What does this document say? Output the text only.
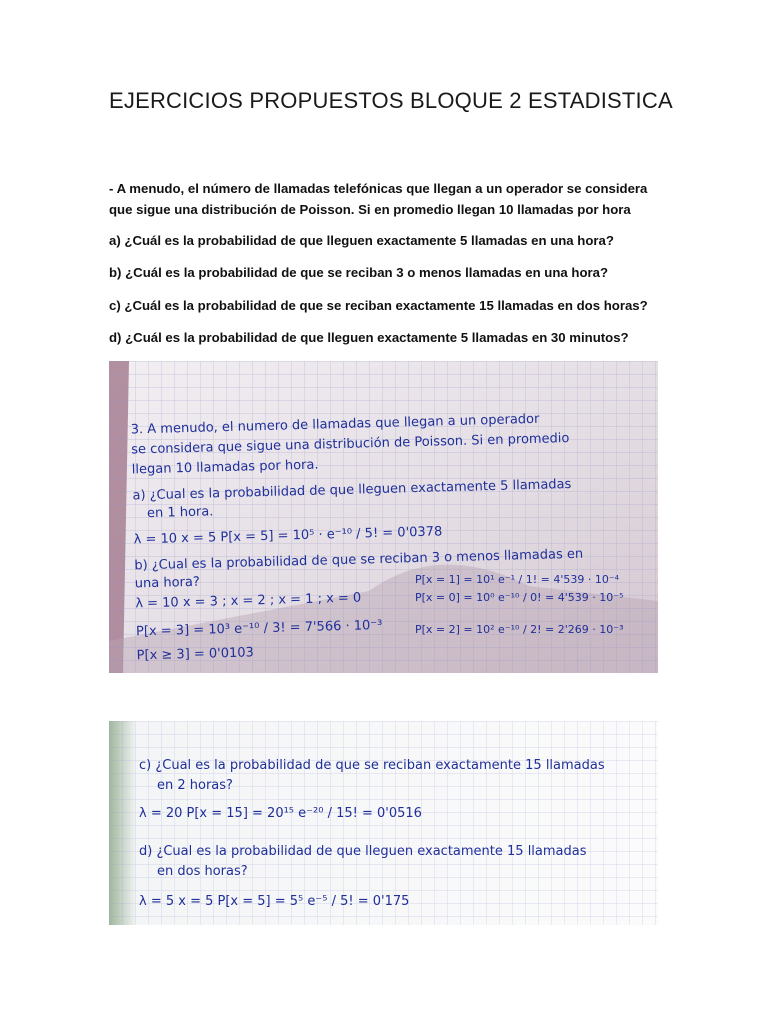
EJERCICIOS PROPUESTOS BLOQUE 2 ESTADISTICA
- A menudo, el número de llamadas telefónicas que llegan a un operador se considera
que sigue una distribución de Poisson. Si en promedio llegan 10 llamadas por hora
a) ¿Cuál es la probabilidad de que lleguen exactamente 5 llamadas en una hora?
b) ¿Cuál es la probabilidad de que se reciban 3 o menos llamadas en una hora?
c) ¿Cuál es la probabilidad de que se reciban exactamente 15 llamadas en dos horas?
d) ¿Cuál es la probabilidad de que lleguen exactamente 5 llamadas en 30 minutos?
3. A menudo, el numero de llamadas que llegan a un operador
se considera que sigue una distribución de Poisson. Si en promedio
llegan 10 llamadas por hora.
a) ¿Cual es la probabilidad de que lleguen exactamente 5 llamadas
en 1 hora.
λ = 10 x = 5 P[x = 5] = 10⁵ · e⁻¹⁰ / 5! = 0'0378
b) ¿Cual es la probabilidad de que se reciban 3 o menos llamadas en
una hora?
λ = 10 x = 3 ; x = 2 ; x = 1 ; x = 0
P[x = 3] = 10³ e⁻¹⁰ / 3! = 7'566 · 10⁻³
P[x ≥ 3] = 0'0103
P[x = 1] = 10¹ e⁻¹ / 1! = 4'539 · 10⁻⁴
P[x = 0] = 10⁰ e⁻¹⁰ / 0! = 4'539 · 10⁻⁵
P[x = 2] = 10² e⁻¹⁰ / 2! = 2'269 · 10⁻³
c) ¿Cual es la probabilidad de que se reciban exactamente 15 llamadas
en 2 horas?
λ = 20 P[x = 15] = 20¹⁵ e⁻²⁰ / 15! = 0'0516
d) ¿Cual es la probabilidad de que lleguen exactamente 15 llamadas
en dos horas?
λ = 5 x = 5 P[x = 5] = 5⁵ e⁻⁵ / 5! = 0'175
